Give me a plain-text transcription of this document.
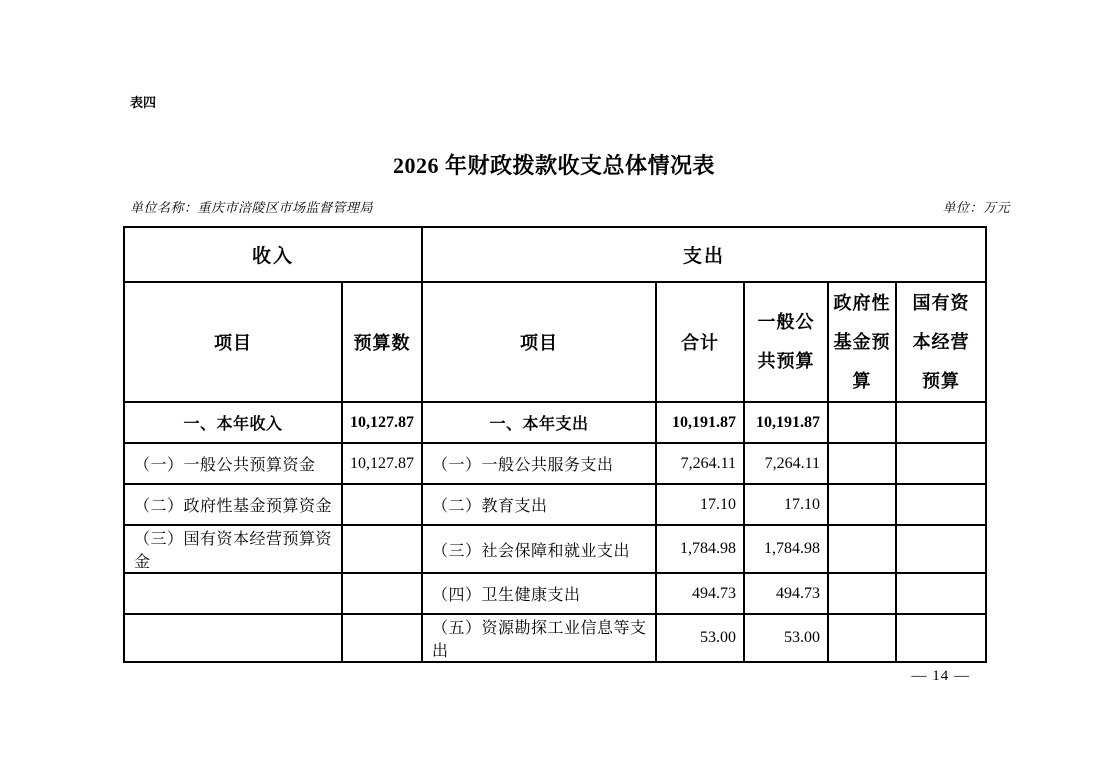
表四
2026 年财政拨款收支总体情况表
单位名称：重庆市涪陵区市场监督管理局	单位：万元
收入		支出				
项目	预算数	项目	合计	一般公共预算	政府性基金预算	国有资本经营预算

一、本年收入	10,127.87	一、本年支出	10,191.87	10,191.87		
（一）一般公共预算资金	10,127.87	（一）一般公共服务支出	7,264.11	7,264.11		
（二）政府性基金预算资金		（二）教育支出	17.10	17.10		
（三）国有资本经营预算资金		（三）社会保障和就业支出	1,784.98	1,784.98		
		（四）卫生健康支出	494.73	494.73		
		（五）资源勘探工业信息等支出	53.00	53.00		
— 14 —
